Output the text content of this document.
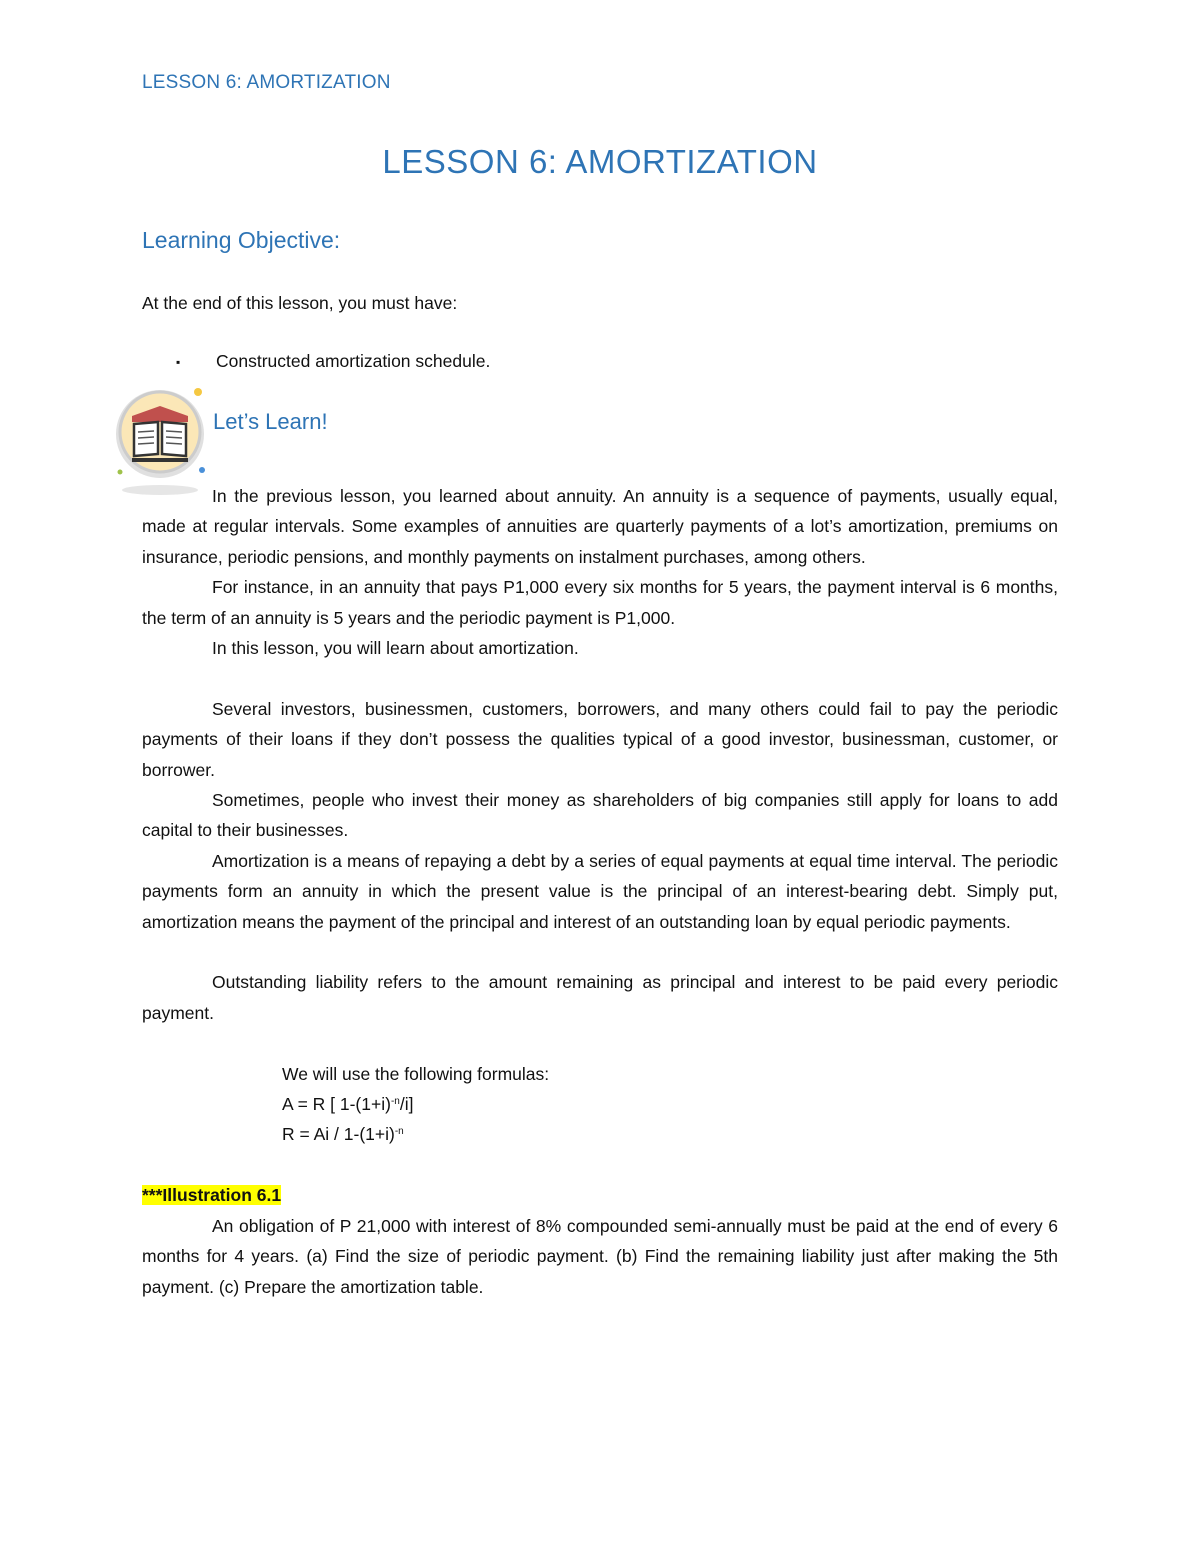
LESSON 6: AMORTIZATION
LESSON 6: AMORTIZATION
Learning Objective:
At the end of this lesson, you must have:
▪	Constructed amortization schedule.
Let’s Learn!

In the previous lesson, you learned about annuity. An annuity is a sequence of payments, usually equal, made at regular intervals. Some examples of annuities are quarterly payments of a lot’s amortization, premiums on insurance, periodic pensions, and monthly payments on instalment purchases, among others.

For instance, in an annuity that pays P1,000 every six months for 5 years, the payment interval is 6 months, the term of an annuity is 5 years and the periodic payment is P1,000.

In this lesson, you will learn about amortization.

Several investors, businessmen, customers, borrowers, and many others could fail to pay the periodic payments of their loans if they don’t possess the qualities typical of a good investor, businessman, customer, or borrower.

Sometimes, people who invest their money as shareholders of big companies still apply for loans to add capital to their businesses.

Amortization is a means of repaying a debt by a series of equal payments at equal time interval. The periodic payments form an annuity in which the present value is the principal of an interest-bearing debt. Simply put, amortization means the payment of the principal and interest of an outstanding loan by equal periodic payments.

Outstanding liability refers to the amount remaining as principal and interest to be paid every periodic payment.

We will use the following formulas:
A = R [ $1-(1+i)^{-n}/i$]
$R = Ai / 1-(1+i)^{-n}$
***Illustration 6.1

An obligation of P 21,000 with interest of 8% compounded semi-annually must be paid at the end of every 6 months for 4 years. (a) Find the size of periodic payment. (b) Find the remaining liability just after making the 5th payment. (c) Prepare the amortization table.
